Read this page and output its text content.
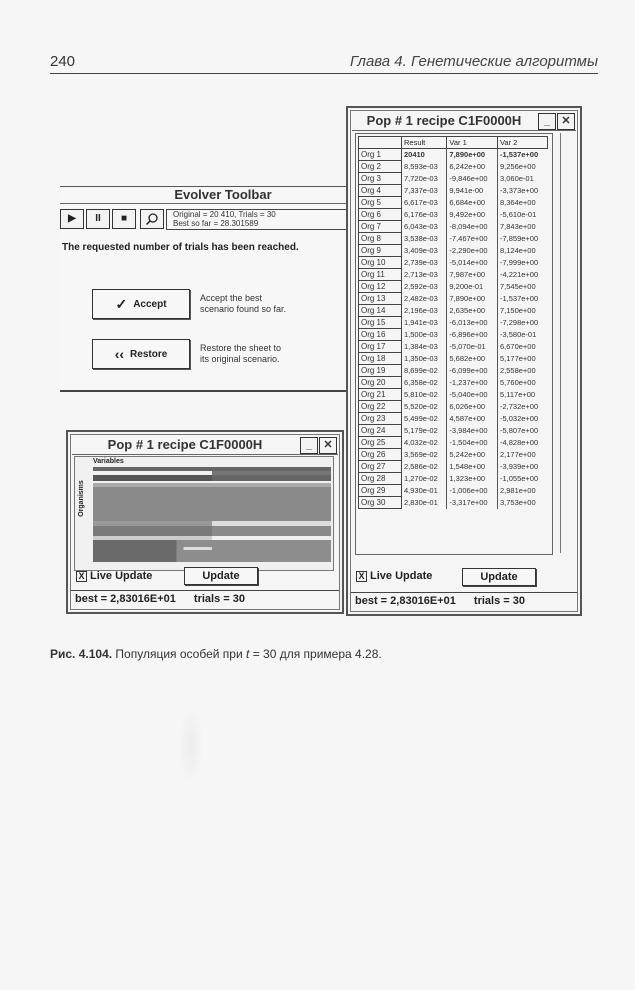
240	Глава 4. Генетические алгоритмы
Evolver Toolbar
▶	II	■	Original = 20 410, Trials = 30
Best so far = 28.301589
The requested number of trials has been reached.
✓ Accept
Accept the best
scenario found so far.
‹‹ Restore
Restore the sheet to
its original scenario.
Pop # 1 recipe C1F0000H	_	✕
	Result	Var 1	Var 2
Org 1	20410	7,890e+00	-1,537e+00
Org 2	8,593e-03	6,242e+00	9,256e+00
Org 3	7,720e-03	-9,846e+00	3,060e-01
Org 4	7,337e-03	9,941e-00	-3,373e+00
Org 5	6,617e-03	6,684e+00	8,364e+00
Org 6	6,176e-03	9,492e+00	-5,610e-01
Org 7	6,043e-03	-8,094e+00	7,843e+00
Org 8	3,538e-03	-7,467e+00	-7,859e+00
Org 9	3,409e-03	-2,290e+00	8,124e+00
Org 10	2,739e-03	-5,014e+00	-7,999e+00
Org 11	2,713e-03	7,987e+00	-4,221e+00
Org 12	2,592e-03	9,200e-01	7,545e+00
Org 13	2,482e-03	7,890e+00	-1,537e+00
Org 14	2,196e-03	2,635e+00	7,150e+00
Org 15	1,941e-03	-6,013e+00	-7,298e+00
Org 16	1,500e-03	-6,896e+00	-3,580e-01
Org 17	1,384e-03	-5,070e-01	6,670e+00
Org 18	1,350e-03	5,682e+00	5,177e+00
Org 19	8,699e-02	-6,099e+00	2,558e+00
Org 20	6,358e-02	-1,237e+00	5,760e+00
Org 21	5,810e-02	-5,040e+00	5,117e+00
Org 22	5,520e-02	6,026e+00	-2,732e+00
Org 23	5,499e-02	4,587e+00	-5,032e+00
Org 24	5,179e-02	-3,984e+00	-5,807e+00
Org 25	4,032e-02	-1,504e+00	-4,828e+00
Org 26	3,569e-02	5,242e+00	2,177e+00
Org 27	2,586e-02	1,548e+00	-3,939e+00
Org 28	1,270e-02	1,323e+00	-1,055e+00
Org 29	4,930e-01	-1,006e+00	2,981e+00
Org 30	2,830e-01	-3,317e+00	3,753e+00
X Live Update	Update
best = 2,83016E+01 trials = 30
Pop # 1 recipe C1F0000H	_	✕
Variables
Organisms
X Live Update	Update
best = 2,83016E+01 trials = 30
Рис. 4.104. Популяция особей при t = 30 для примера 4.28.
